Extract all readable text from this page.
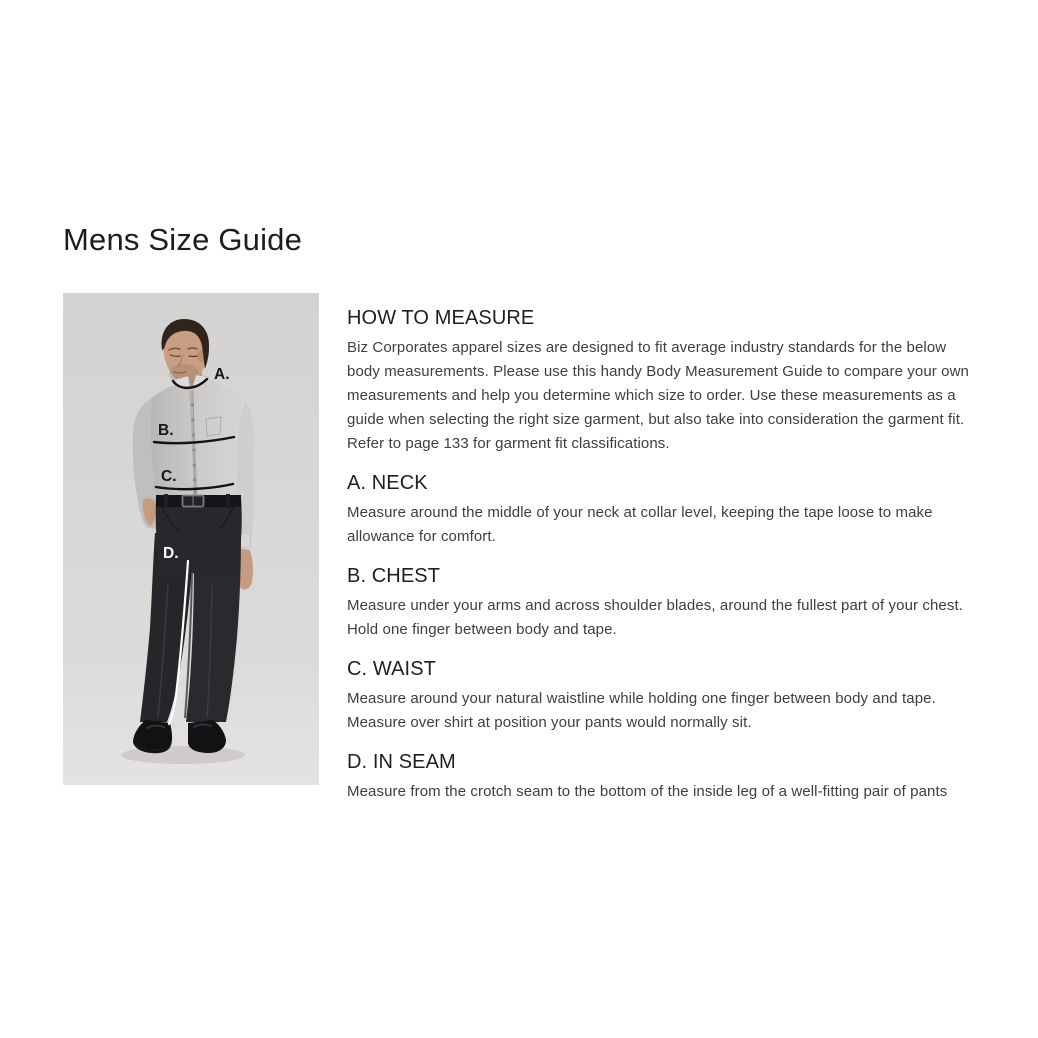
Mens Size Guide
A.
B.
C.
D.
HOW TO MEASURE

Biz Corporates apparel sizes are designed to fit average industry standards for the below body measurements. Please use this handy Body Measurement Guide to compare your own measurements and help you determine which size to order. Use these measurements as a guide when selecting the right size garment, but also take into consideration the garment fit. Refer to page 133 for garment fit classifications.

A. NECK

Measure around the middle of your neck at collar level, keeping the tape loose to make allowance for comfort.

B. CHEST

Measure under your arms and across shoulder blades, around the fullest part of your chest. Hold one finger between body and tape.

C. WAIST

Measure around your natural waistline while holding one finger between body and tape. Measure over shirt at position your pants would normally sit.

D. IN SEAM

Measure from the crotch seam to the bottom of the inside leg of a well-fitting pair of pants
